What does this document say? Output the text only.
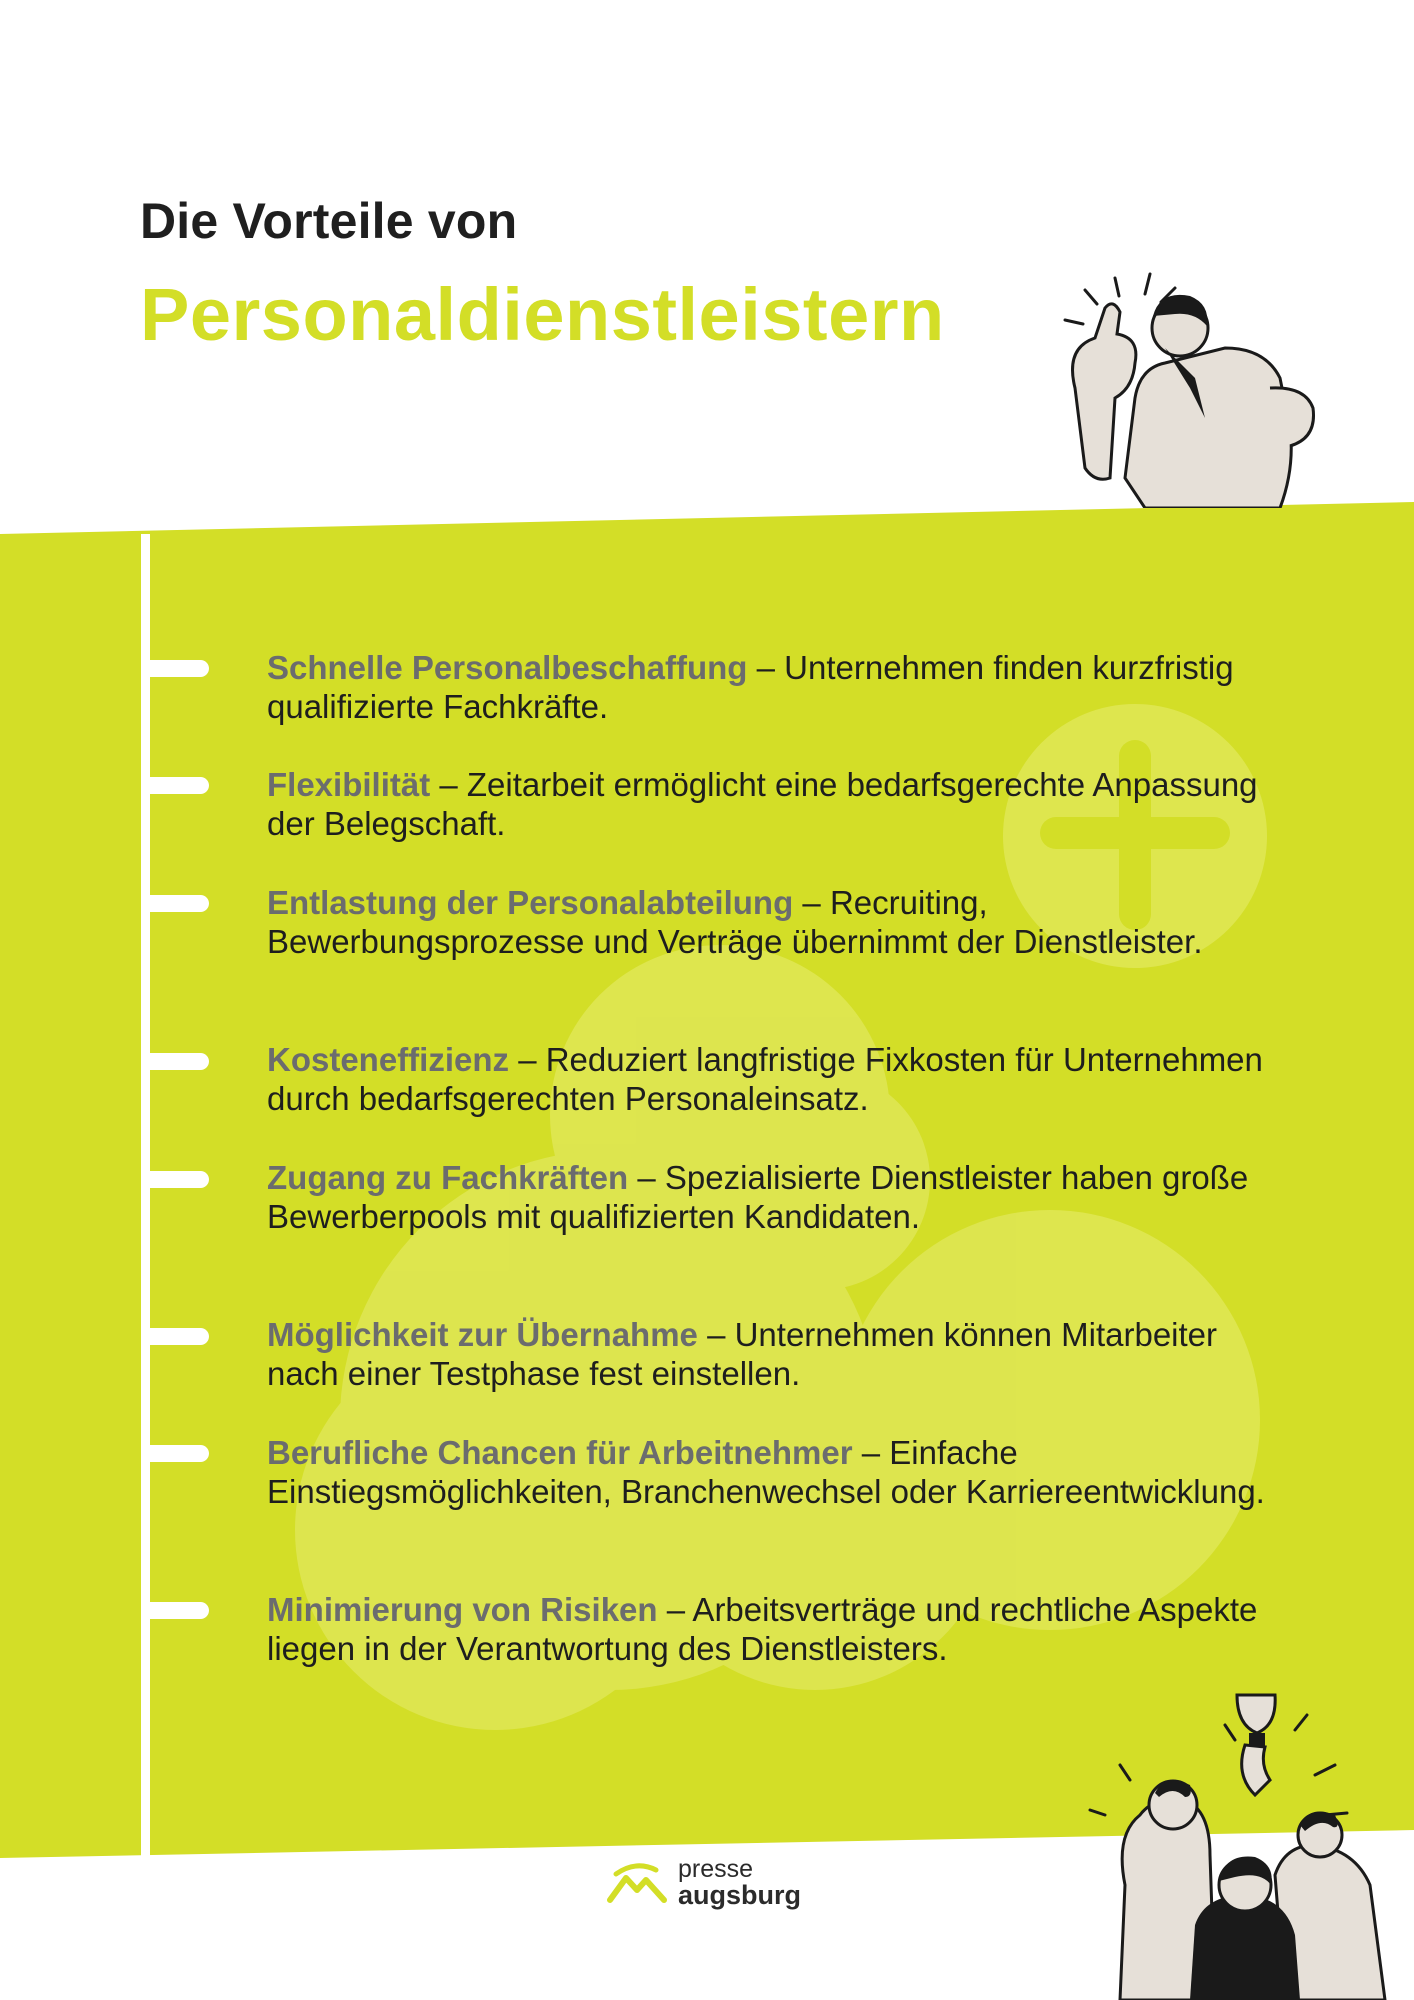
Die Vorteile von
Personaldienstleistern
Schnelle Personalbeschaffung – Unternehmen finden kurzfristig qualifizierte Fachkräfte.
Flexibilität – Zeitarbeit ermöglicht eine bedarfsgerechte Anpassung der Belegschaft.
Entlastung der Personalabteilung – Recruiting, Bewerbungsprozesse und Verträge übernimmt der Dienstleister.
Kosteneffizienz – Reduziert langfristige Fixkosten für Unternehmen durch bedarfsgerechten Personaleinsatz.
Zugang zu Fachkräften – Spezialisierte Dienstleister haben große Bewerberpools mit qualifizierten Kandidaten.
Möglichkeit zur Übernahme – Unternehmen können Mitarbeiter nach einer Testphase fest einstellen.
Berufliche Chancen für Arbeitnehmer – Einfache Einstiegsmöglichkeiten, Branchenwechsel oder Karriereentwicklung.
Minimierung von Risiken – Arbeitsverträge und rechtliche Aspekte liegen in der Verantwortung des Dienstleisters.
presse
augsburg
